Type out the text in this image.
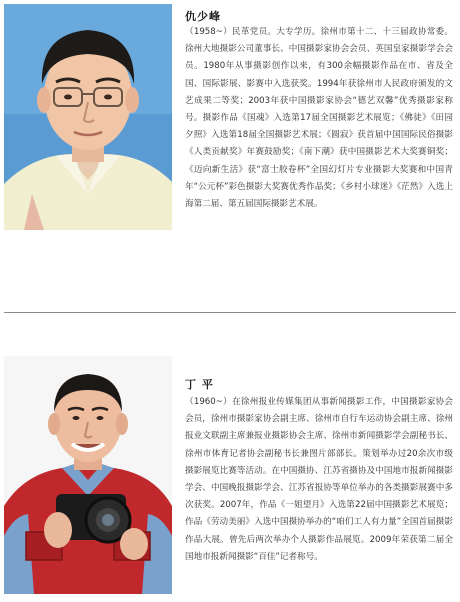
仇少峰

（1958~）民革党员。大专学历。徐州市第十二、十三届政协常委。徐州大地摄影公司董事长、中国摄影家协会会员、英国皇家摄影学会会员。1980年从事摄影创作以来，有300余幅摄影作品在市、省及全国、国际影展、影赛中入选获奖。1994年获徐州市人民政府颁发的文艺成果二等奖；2003年获中国摄影家协会“德艺双馨”优秀摄影家称号。摄影作品《国魂》入选第17届全国摄影艺术展览；《佛徒》《田园夕照》入选第18届全国摄影艺术展；《圆寂》获首届中国国际民俗摄影《人类贡献奖》年赛鼓励奖；《南下潮》获中国摄影艺术大奖赛铜奖；《迈向新生活》获“富士胶卷杯”全国幻灯片专业摄影大奖赛和中国青年“公元杯”彩色摄影大奖赛优秀作品奖；《乡村小球迷》《茫然》入选上海第二届、第五届国际摄影艺术展。

丁 平

（1960~）在徐州报业传媒集团从事新闻摄影工作，中国摄影家协会会员，徐州市摄影家协会副主席、徐州市自行车运动协会副主席、徐州报业文联副主席兼报业摄影协会主席、徐州市新闻摄影学会副秘书长、徐州市体育记者协会副秘书长兼图片部部长。策划举办过20余次市级摄影展览比赛等活动。在中国摄协、江苏省摄协及中国地市报新闻摄影学会、中国晚报摄影学会、江苏省报协等单位举办的各类摄影展赛中多次获奖。2007年，作品《一姐望月》入选第22届中国摄影艺术展览；作品《劳动美丽》入选中国摄协举办的“咱们工人有力量”全国首届摄影作品大展。曾先后两次举办个人摄影作品展览。2009年荣获第二届全国地市报新闻摄影“百佳”记者称号。
